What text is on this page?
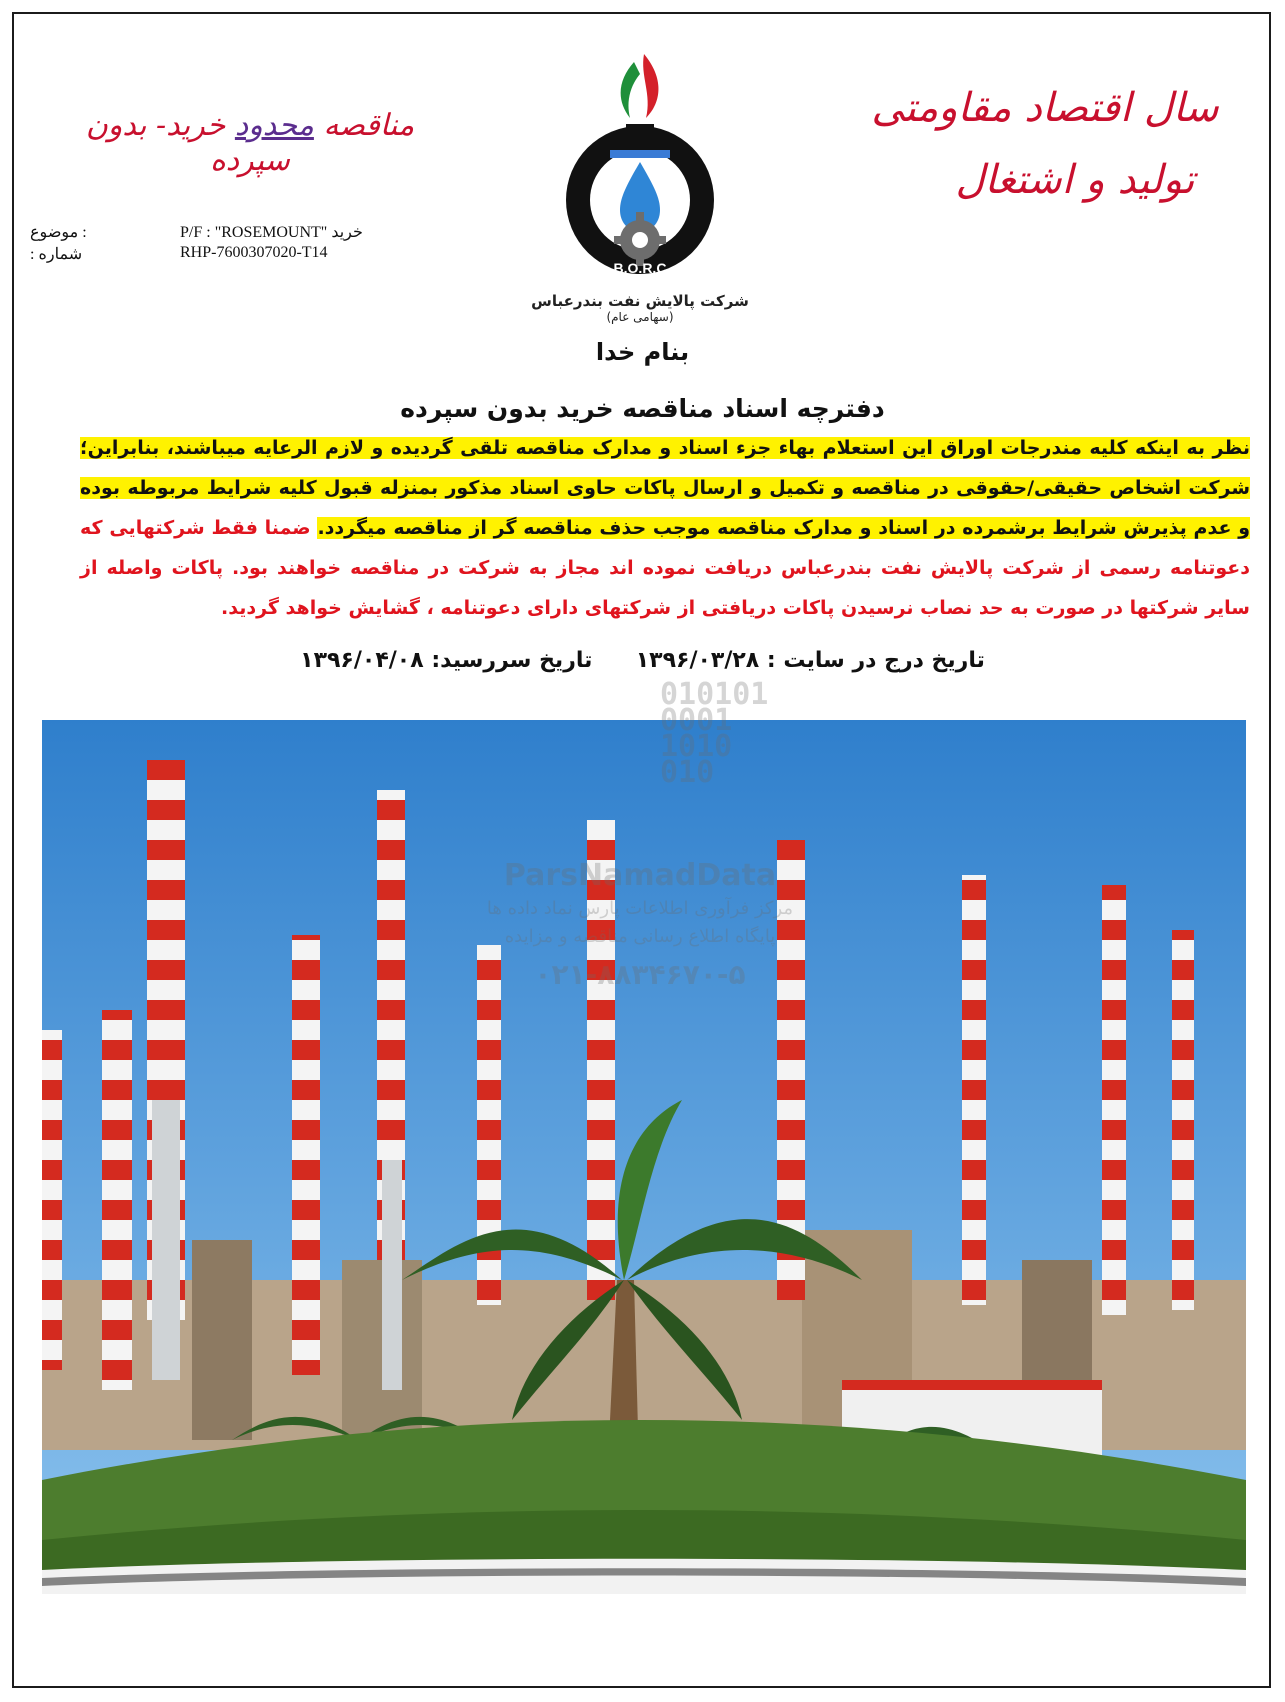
سال اقتصاد مقاومتی
تولید و اشتغال
مناقصه محدود خرید- بدون سپرده
B.O.R.C
شرکت پالایش نفت بندرعباس
(سهامی عام)
موضوع :	P/F : "ROSEMOUNT" خرید
: شماره	RHP-7600307020-T14
بنام خدا
دفترچه اسناد مناقصه خرید بدون سپرده
نظر به اینکه کلیه مندرجات اوراق این استعلام بهاء جزء اسناد و مدارک مناقصه تلقی گردیده و لازم الرعایه میباشند، بنابراین؛ شرکت اشخاص حقیقی/حقوقی در مناقصه و تکمیل و ارسال پاکات حاوی اسناد مذکور بمنزله قبول کلیه شرایط مربوطه بوده و عدم پذیرش شرایط برشمرده در اسناد و مدارک مناقصه موجب حذف مناقصه گر از مناقصه میگردد. ضمنا فقط شرکتهایی که دعوتنامه رسمی از شرکت پالایش نفت بندرعباس دریافت نموده اند مجاز به شرکت در مناقصه خواهند بود. پاکات واصله از سایر شرکتها در صورت به حد نصاب نرسیدن پاکات دریافتی از شرکتهای دارای دعوتنامه ، گشایش خواهد گردید.
تاریخ درج در سایت : ۱۳۹۶/۰۳/۲۸  تاریخ سررسید: ۱۳۹۶/۰۴/۰۸
010101
0001
1010
010
ParsNamadData
مرکز فرآوری اطلاعات پارس نماد داده ها
پایگاه اطلاع رسانی مناقصه و مزایده
۰۲۱-۸۸۳۴۶۷۰-۵
